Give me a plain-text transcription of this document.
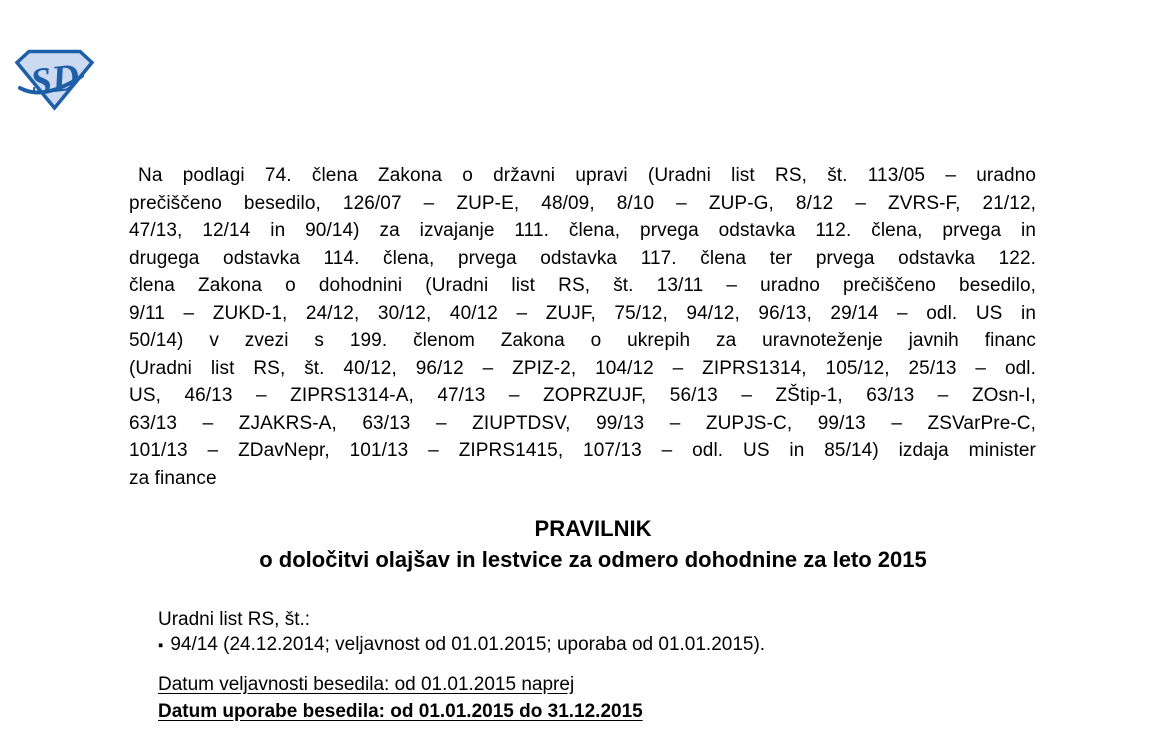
SD
Na podlagi 74. člena Zakona o državni upravi (Uradni list RS, št. 113/05 – uradno
prečiščeno besedilo, 126/07 – ZUP-E, 48/09, 8/10 – ZUP-G, 8/12 – ZVRS-F, 21/12,
47/13, 12/14 in 90/14) za izvajanje 111. člena, prvega odstavka 112. člena, prvega in
drugega odstavka 114. člena, prvega odstavka 117. člena ter prvega odstavka 122.
člena Zakona o dohodnini (Uradni list RS, št. 13/11 – uradno prečiščeno besedilo,
9/11 – ZUKD-1, 24/12, 30/12, 40/12 – ZUJF, 75/12, 94/12, 96/13, 29/14 – odl. US in
50/14) v zvezi s 199. členom Zakona o ukrepih za uravnoteženje javnih financ
(Uradni list RS, št. 40/12, 96/12 – ZPIZ-2, 104/12 – ZIPRS1314, 105/12, 25/13 – odl.
US, 46/13 – ZIPRS1314-A, 47/13 – ZOPRZUJF, 56/13 – ZŠtip-1, 63/13 – ZOsn-I,
63/13 – ZJAKRS-A, 63/13 – ZIUPTDSV, 99/13 – ZUPJS-C, 99/13 – ZSVarPre-C,
101/13 – ZDavNepr, 101/13 – ZIPRS1415, 107/13 – odl. US in 85/14) izdaja minister
za finance
PRAVILNIK
o določitvi olajšav in lestvice za odmero dohodnine za leto 2015
Uradni list RS, št.:
▪ 94/14 (24.12.2014; veljavnost od 01.01.2015; uporaba od 01.01.2015).
Datum veljavnosti besedila: od 01.01.2015 naprej
Datum uporabe besedila: od 01.01.2015 do 31.12.2015
